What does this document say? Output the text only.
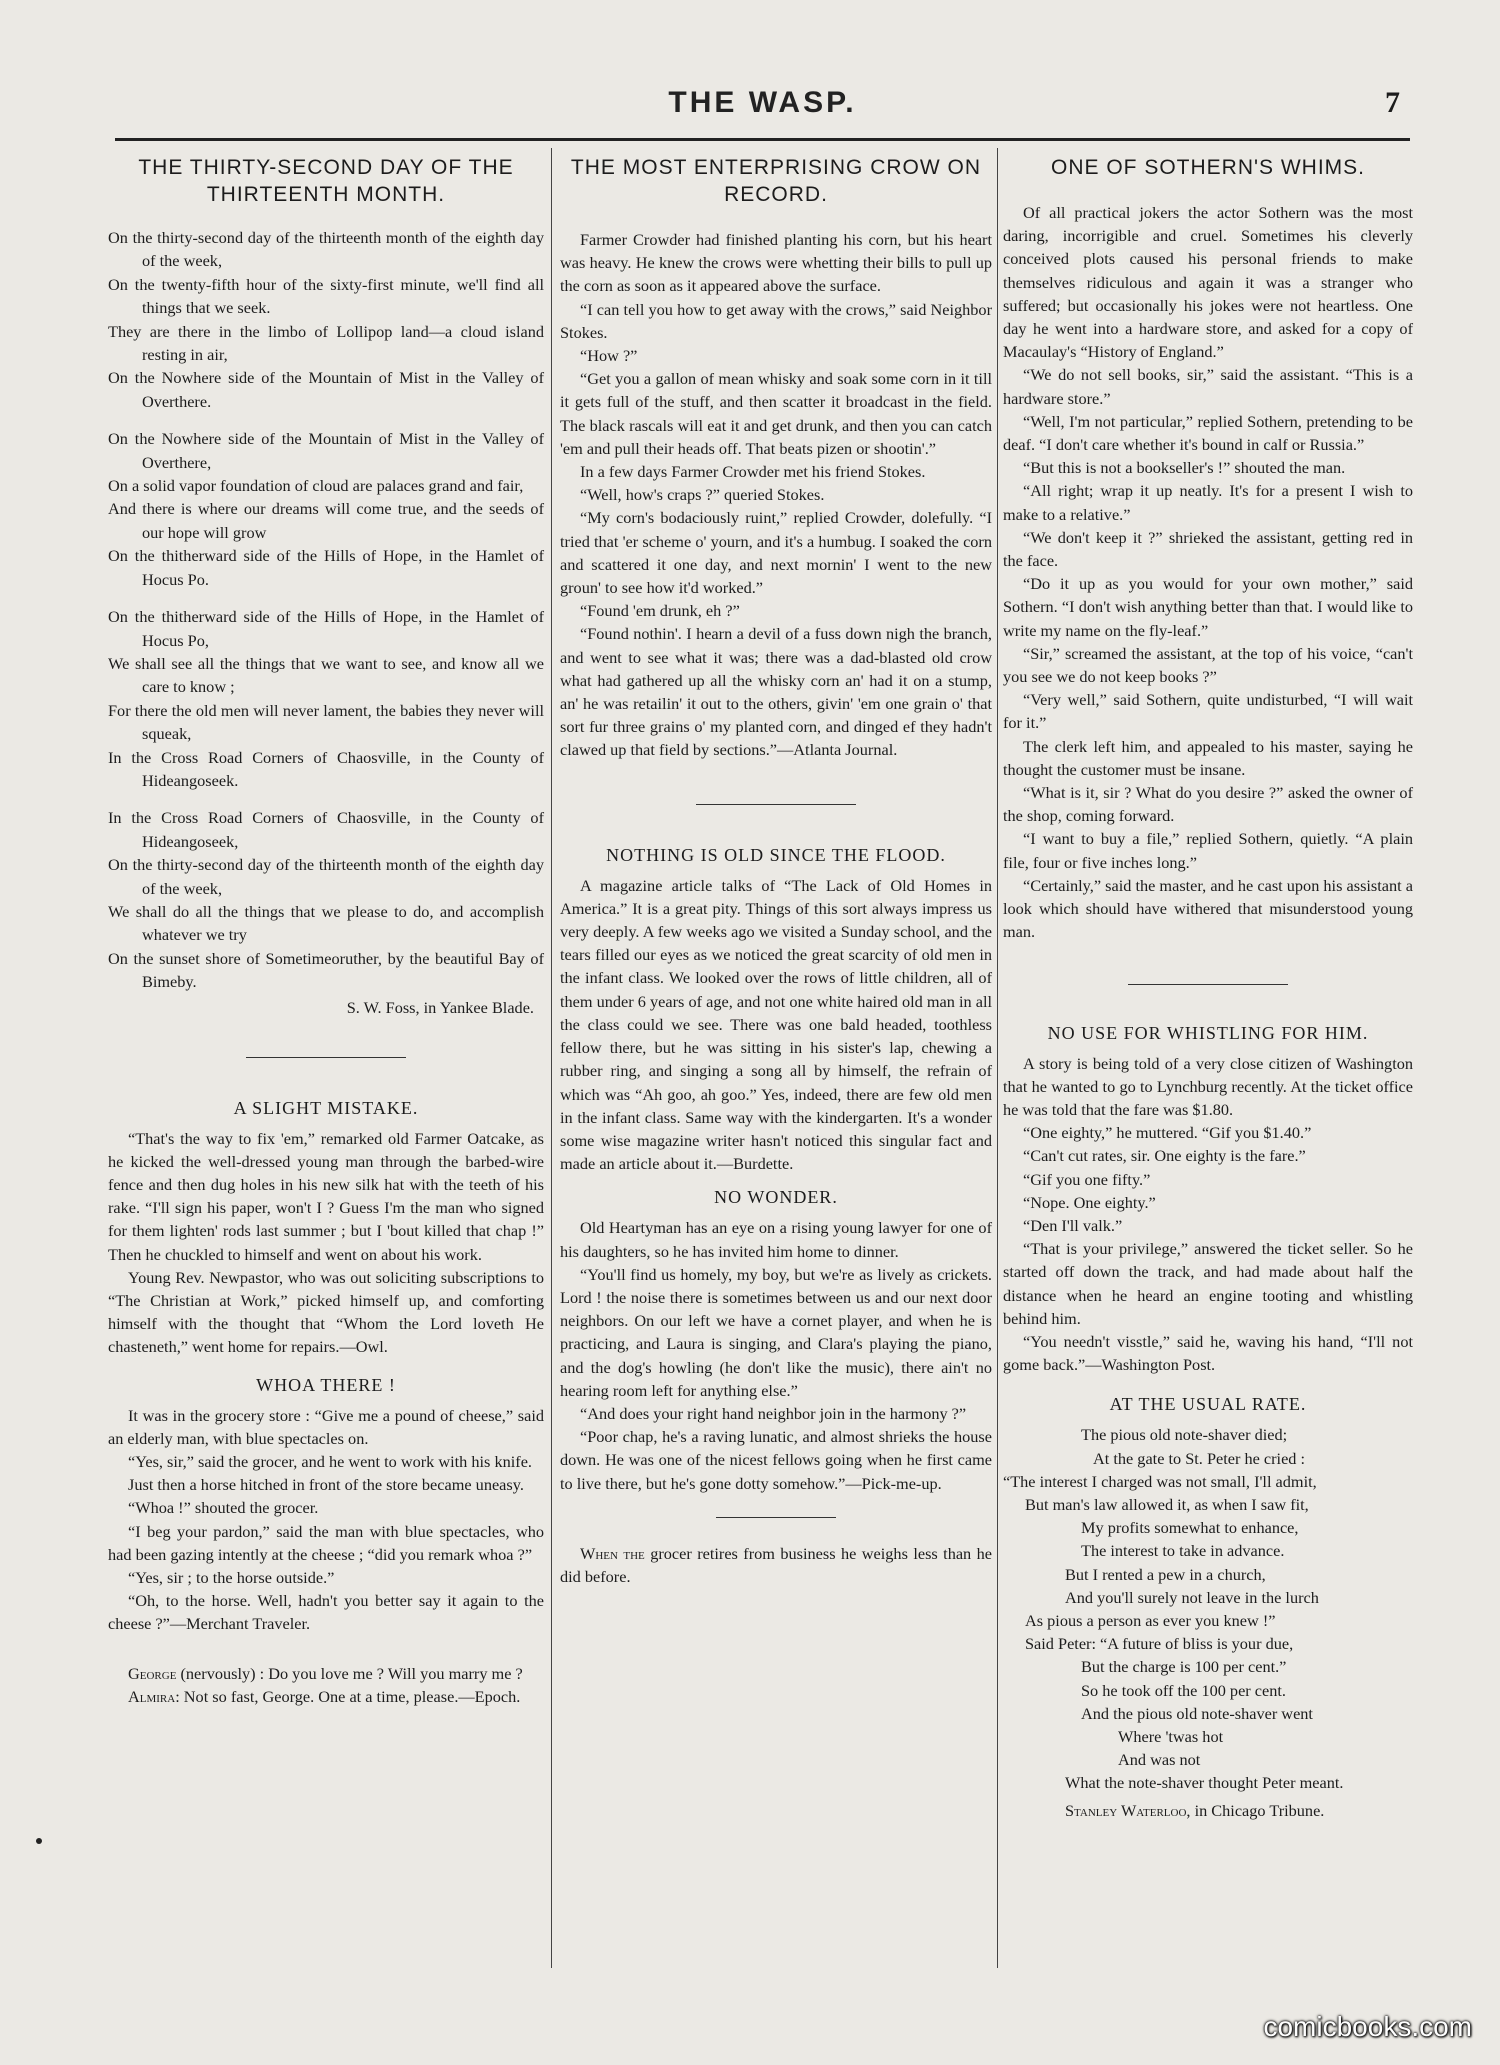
THE WASP.	7
THE THIRTY-SECOND DAY OF THE THIRTEENTH MONTH.

On the thirty-second day of the thirteenth month of the eighth day of the week,

On the twenty-fifth hour of the sixty-first minute, we'll find all things that we seek.

They are there in the limbo of Lollipop land—a cloud island resting in air,

On the Nowhere side of the Mountain of Mist in the Valley of Overthere.

On the Nowhere side of the Mountain of Mist in the Valley of Overthere,

On a solid vapor foundation of cloud are palaces grand and fair,

And there is where our dreams will come true, and the seeds of our hope will grow

On the thitherward side of the Hills of Hope, in the Hamlet of Hocus Po.

On the thitherward side of the Hills of Hope, in the Hamlet of Hocus Po,

We shall see all the things that we want to see, and know all we care to know ;

For there the old men will never lament, the babies they never will squeak,

In the Cross Road Corners of Chaosville, in the County of Hideangoseek.

In the Cross Road Corners of Chaosville, in the County of Hideangoseek,

On the thirty-second day of the thirteenth month of the eighth day of the week,

We shall do all the things that we please to do, and accomplish whatever we try

On the sunset shore of Sometimeoruther, by the beautiful Bay of Bimeby.

S. W. Foss, in Yankee Blade.

A SLIGHT MISTAKE.

“That's the way to fix 'em,” remarked old Farmer Oatcake, as he kicked the well-dressed young man through the barbed-wire fence and then dug holes in his new silk hat with the teeth of his rake. “I'll sign his paper, won't I ? Guess I'm the man who signed for them lighten' rods last summer ; but I 'bout killed that chap !” Then he chuckled to himself and went on about his work.

Young Rev. Newpastor, who was out soliciting subscriptions to “The Christian at Work,” picked himself up, and comforting himself with the thought that “Whom the Lord loveth He chasteneth,” went home for repairs.—Owl.

WHOA THERE !

It was in the grocery store : “Give me a pound of cheese,” said an elderly man, with blue spectacles on.

“Yes, sir,” said the grocer, and he went to work with his knife.

Just then a horse hitched in front of the store became uneasy.

“Whoa !” shouted the grocer.

“I beg your pardon,” said the man with blue spectacles, who had been gazing intently at the cheese ; “did you remark whoa ?”

“Yes, sir ; to the horse outside.”

“Oh, to the horse. Well, hadn't you better say it again to the cheese ?”—Merchant Traveler.

George (nervously) : Do you love me ? Will you marry me ?

Almira: Not so fast, George. One at a time, please.—Epoch.

THE MOST ENTERPRISING CROW ON RECORD.

Farmer Crowder had finished planting his corn, but his heart was heavy. He knew the crows were whetting their bills to pull up the corn as soon as it appeared above the surface.

“I can tell you how to get away with the crows,” said Neighbor Stokes.

“How ?”

“Get you a gallon of mean whisky and soak some corn in it till it gets full of the stuff, and then scatter it broadcast in the field. The black rascals will eat it and get drunk, and then you can catch 'em and pull their heads off. That beats pizen or shootin'.”

In a few days Farmer Crowder met his friend Stokes.

“Well, how's craps ?” queried Stokes.

“My corn's bodaciously ruint,” replied Crowder, dolefully. “I tried that 'er scheme o' yourn, and it's a humbug. I soaked the corn and scattered it one day, and next mornin' I went to the new groun' to see how it'd worked.”

“Found 'em drunk, eh ?”

“Found nothin'. I hearn a devil of a fuss down nigh the branch, and went to see what it was; there was a dad-blasted old crow what had gathered up all the whisky corn an' had it on a stump, an' he was retailin' it out to the others, givin' 'em one grain o' that sort fur three grains o' my planted corn, and dinged ef they hadn't clawed up that field by sections.”—Atlanta Journal.

NOTHING IS OLD SINCE THE FLOOD.

A magazine article talks of “The Lack of Old Homes in America.” It is a great pity. Things of this sort always impress us very deeply. A few weeks ago we visited a Sunday school, and the tears filled our eyes as we noticed the great scarcity of old men in the infant class. We looked over the rows of little children, all of them under 6 years of age, and not one white haired old man in all the class could we see. There was one bald headed, toothless fellow there, but he was sitting in his sister's lap, chewing a rubber ring, and singing a song all by himself, the refrain of which was “Ah goo, ah goo.” Yes, indeed, there are few old men in the infant class. Same way with the kindergarten. It's a wonder some wise magazine writer hasn't noticed this singular fact and made an article about it.—Burdette.

NO WONDER.

Old Heartyman has an eye on a rising young lawyer for one of his daughters, so he has invited him home to dinner.

“You'll find us homely, my boy, but we're as lively as crickets. Lord ! the noise there is sometimes between us and our next door neighbors. On our left we have a cornet player, and when he is practicing, and Laura is singing, and Clara's playing the piano, and the dog's howling (he don't like the music), there ain't no hearing room left for anything else.”

“And does your right hand neighbor join in the harmony ?”

“Poor chap, he's a raving lunatic, and almost shrieks the house down. He was one of the nicest fellows going when he first came to live there, but he's gone dotty somehow.”—Pick-me-up.

When the grocer retires from business he weighs less than he did before.

ONE OF SOTHERN'S WHIMS.

Of all practical jokers the actor Sothern was the most daring, incorrigible and cruel. Sometimes his cleverly conceived plots caused his personal friends to make themselves ridiculous and again it was a stranger who suffered; but occasionally his jokes were not heartless. One day he went into a hardware store, and asked for a copy of Macaulay's “History of England.”

“We do not sell books, sir,” said the assistant. “This is a hardware store.”

“Well, I'm not particular,” replied Sothern, pretending to be deaf. “I don't care whether it's bound in calf or Russia.”

“But this is not a bookseller's !” shouted the man.

“All right; wrap it up neatly. It's for a present I wish to make to a relative.”

“We don't keep it ?” shrieked the assistant, getting red in the face.

“Do it up as you would for your own mother,” said Sothern. “I don't wish anything better than that. I would like to write my name on the fly-leaf.”

“Sir,” screamed the assistant, at the top of his voice, “can't you see we do not keep books ?”

“Very well,” said Sothern, quite undisturbed, “I will wait for it.”

The clerk left him, and appealed to his master, saying he thought the customer must be insane.

“What is it, sir ? What do you desire ?” asked the owner of the shop, coming forward.

“I want to buy a file,” replied Sothern, quietly. “A plain file, four or five inches long.”

“Certainly,” said the master, and he cast upon his assistant a look which should have withered that misunderstood young man.

NO USE FOR WHISTLING FOR HIM.

A story is being told of a very close citizen of Washington that he wanted to go to Lynchburg recently. At the ticket office he was told that the fare was $1.80.

“One eighty,” he muttered. “Gif you $1.40.”

“Can't cut rates, sir. One eighty is the fare.”

“Gif you one fifty.”

“Nope. One eighty.”

“Den I'll valk.”

“That is your privilege,” answered the ticket seller. So he started off down the track, and had made about half the distance when he heard an engine tooting and whistling behind him.

“You needn't visstle,” said he, waving his hand, “I'll not gome back.”—Washington Post.

AT THE USUAL RATE.

The pious old note-shaver died;

At the gate to St. Peter he cried :

“The interest I charged was not small, I'll admit,

But man's law allowed it, as when I saw fit,

My profits somewhat to enhance,

The interest to take in advance.

But I rented a pew in a church,

And you'll surely not leave in the lurch

As pious a person as ever you knew !”

Said Peter: “A future of bliss is your due,

But the charge is 100 per cent.”

So he took off the 100 per cent.

And the pious old note-shaver went

Where 'twas hot

And was not

What the note-shaver thought Peter meant.

Stanley Waterloo, in Chicago Tribune.

comicbooks.com
